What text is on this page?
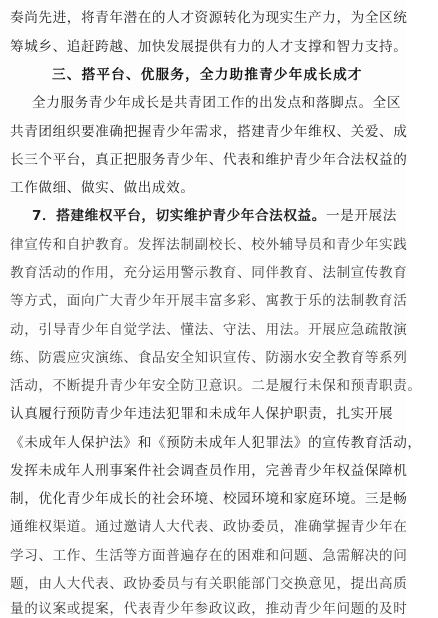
奏尚先进，将青年潜在的人才资源转化为现实生产力，为全区统
筹城乡、追赶跨越、加快发展提供有力的人才支撑和智力支持。
三、搭平台、优服务，全力助推青少年成长成才
全力服务青少年成长是共青团工作的出发点和落脚点。全区
共青团组织要准确把握青少年需求，搭建青少年维权、关爱、成
长三个平台，真正把服务青少年、代表和维护青少年合法权益的
工作做细、做实、做出成效。
7．搭建维权平台，切实维护青少年合法权益。一是开展法
律宣传和自护教育。发挥法制副校长、校外辅导员和青少年实践
教育活动的作用，充分运用警示教育、同伴教育、法制宣传教育
等方式，面向广大青少年开展丰富多彩、寓教于乐的法制教育活
动，引导青少年自觉学法、懂法、守法、用法。开展应急疏散演
练、防震应灾演练、食品安全知识宣传、防溺水安全教育等系列
活动，不断提升青少年安全防卫意识。二是履行未保和预青职责。
认真履行预防青少年违法犯罪和未成年人保护职责，扎实开展
《未成年人保护法》和《预防未成年人犯罪法》的宣传教育活动，
发挥未成年人刑事案件社会调查员作用，完善青少年权益保障机
制，优化青少年成长的社会环境、校园环境和家庭环境。三是畅
通维权渠道。通过邀请人大代表、政协委员，准确掌握青少年在
学习、工作、生活等方面普遍存在的困难和问题、急需解决的问
题，由人大代表、政协委员与有关职能部门交换意见，提出高质
量的议案或提案，代表青少年参政议政，推动青少年问题的及时
